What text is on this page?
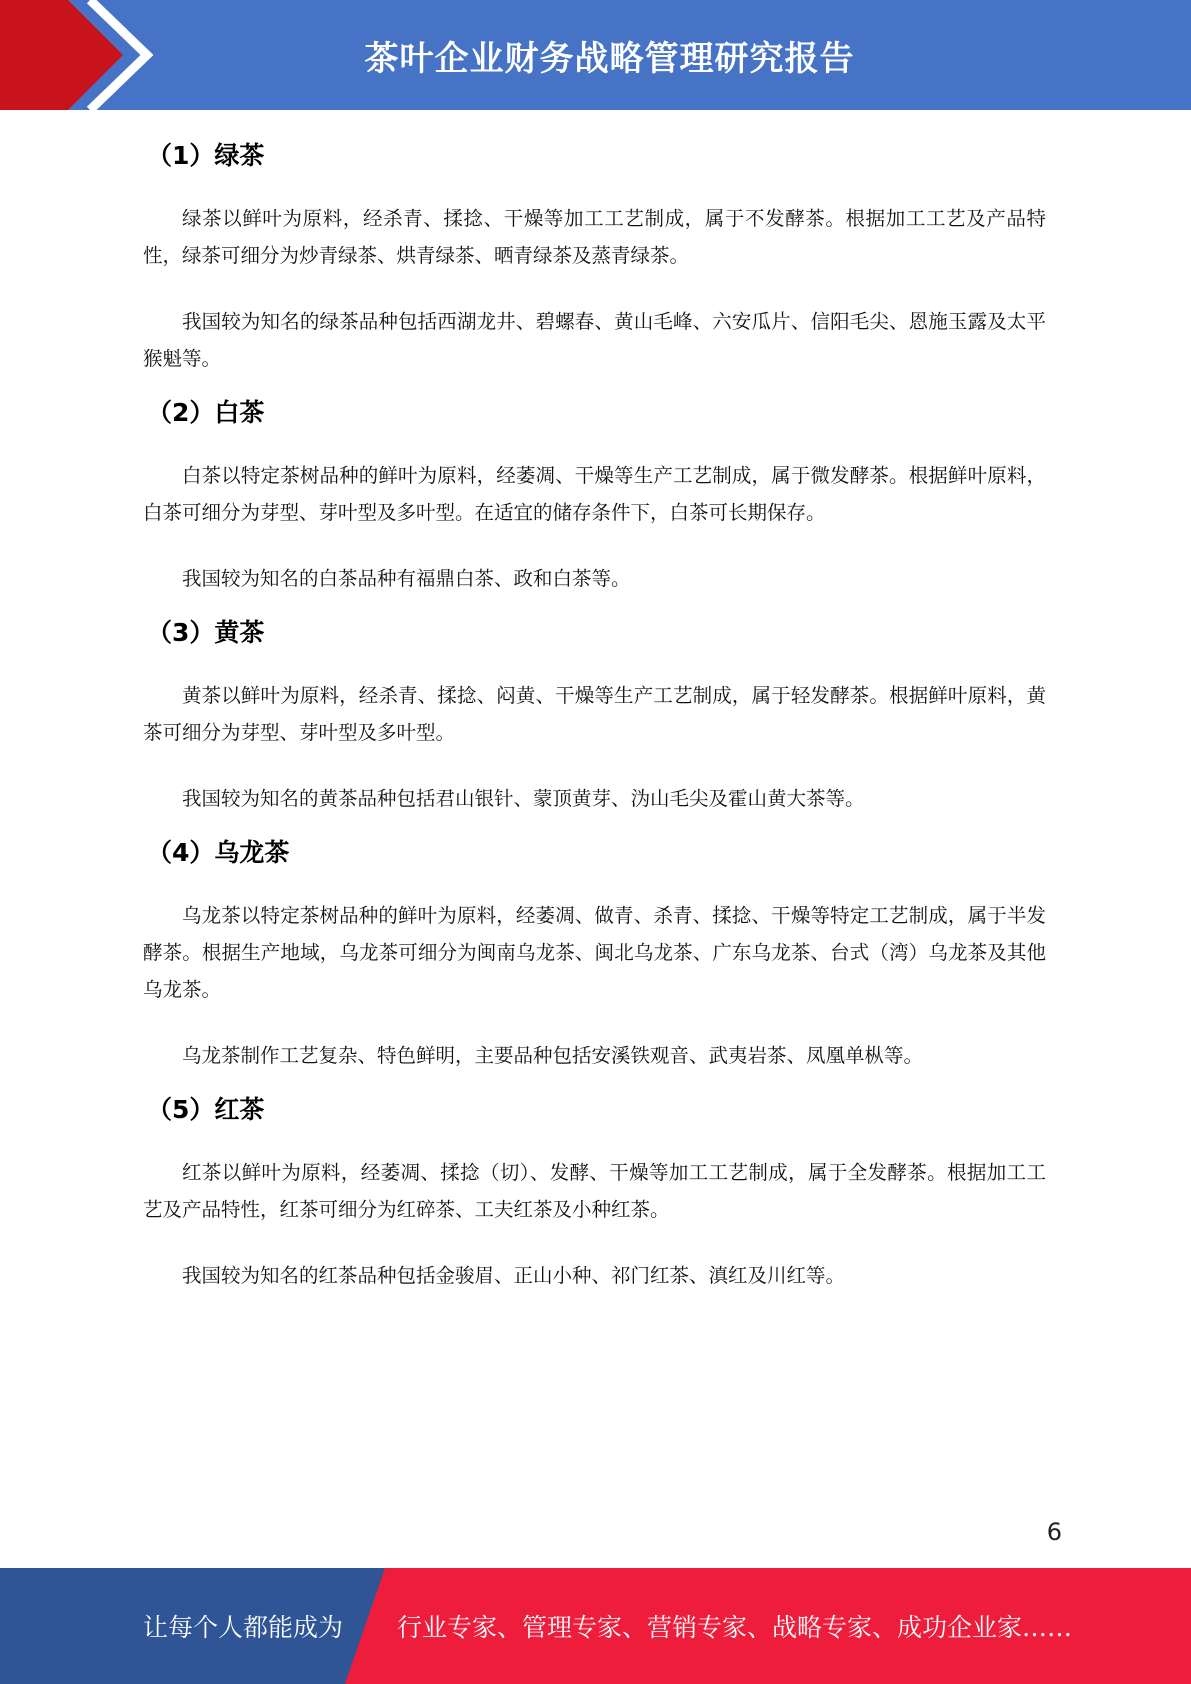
茶叶企业财务战略管理研究报告
（1）绿茶

绿茶以鲜叶为原料，经杀青、揉捻、干燥等加工工艺制成，属于不发酵茶。根据加工工艺及产品特性，绿茶可细分为炒青绿茶、烘青绿茶、晒青绿茶及蒸青绿茶。

我国较为知名的绿茶品种包括西湖龙井、碧螺春、黄山毛峰、六安瓜片、信阳毛尖、恩施玉露及太平猴魁等。

（2）白茶

白茶以特定茶树品种的鲜叶为原料，经萎凋、干燥等生产工艺制成，属于微发酵茶。根据鲜叶原料，白茶可细分为芽型、芽叶型及多叶型。在适宜的储存条件下，白茶可长期保存。

我国较为知名的白茶品种有福鼎白茶、政和白茶等。

（3）黄茶

黄茶以鲜叶为原料，经杀青、揉捻、闷黄、干燥等生产工艺制成，属于轻发酵茶。根据鲜叶原料，黄茶可细分为芽型、芽叶型及多叶型。

我国较为知名的黄茶品种包括君山银针、蒙顶黄芽、沩山毛尖及霍山黄大茶等。

（4）乌龙茶

乌龙茶以特定茶树品种的鲜叶为原料，经萎凋、做青、杀青、揉捻、干燥等特定工艺制成，属于半发酵茶。根据生产地域，乌龙茶可细分为闽南乌龙茶、闽北乌龙茶、广东乌龙茶、台式（湾）乌龙茶及其他乌龙茶。

乌龙茶制作工艺复杂、特色鲜明，主要品种包括安溪铁观音、武夷岩茶、凤凰单枞等。

（5）红茶

红茶以鲜叶为原料，经萎凋、揉捻（切）、发酵、干燥等加工工艺制成，属于全发酵茶。根据加工工艺及产品特性，红茶可细分为红碎茶、工夫红茶及小种红茶。

我国较为知名的红茶品种包括金骏眉、正山小种、祁门红茶、滇红及川红等。

6
让每个人都能成为 行业专家、管理专家、营销专家、战略专家、成功企业家……
